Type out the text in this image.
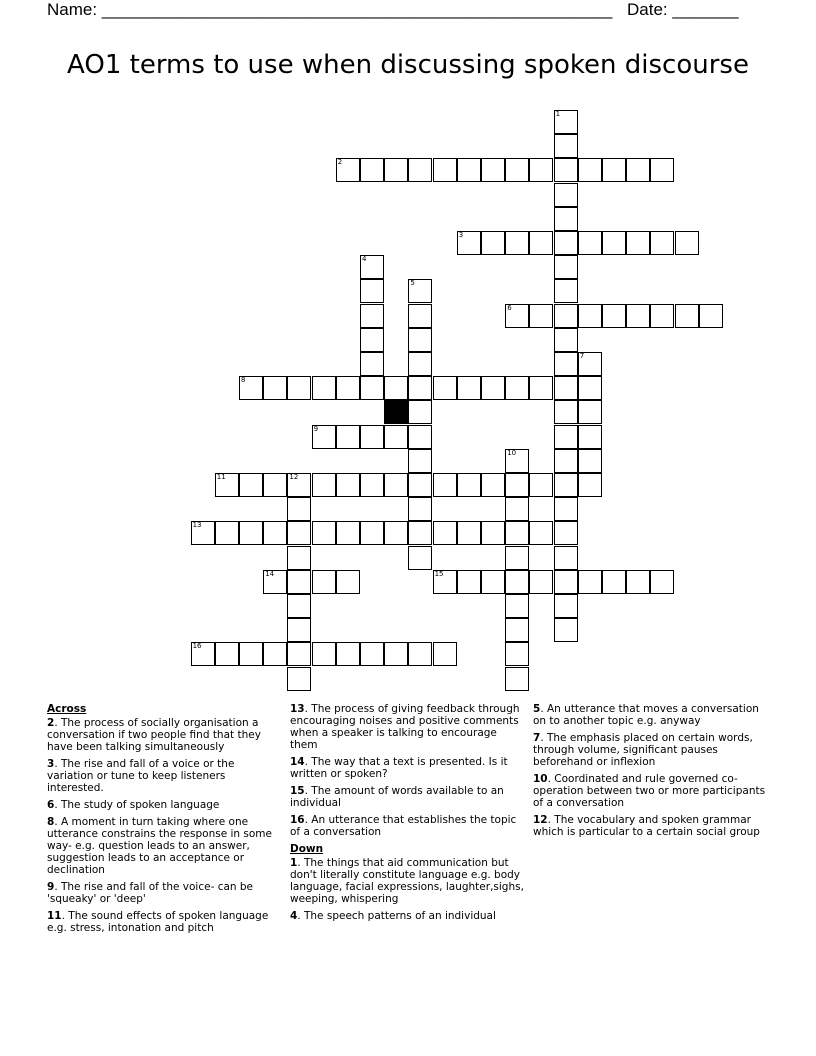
Name: ______________________________________________________ Date: _______
AO1 terms to use when discussing spoken discourse
1
2
3
4
5
6
7
8
9
10
11	12
13
14	15
16
Across
2. The process of socially organisation a conversation if two people find that they have been talking simultaneously
3. The rise and fall of a voice or the variation or tune to keep listeners interested.
6. The study of spoken language
8. A moment in turn taking where one utterance constrains the response in some way- e.g. question leads to an answer, suggestion leads to an acceptance or declination
9. The rise and fall of the voice- can be 'squeaky' or 'deep'
11. The sound effects of spoken language e.g. stress, intonation and pitch
13. The process of giving feedback through encouraging noises and positive comments when a speaker is talking to encourage them
14. The way that a text is presented. Is it written or spoken?
15. The amount of words available to an individual
16. An utterance that establishes the topic of a conversation
Down
1. The things that aid communication but don't literally constitute language e.g. body language, facial expressions, laughter,sighs, weeping, whispering
4. The speech patterns of an individual
5. An utterance that moves a conversation on to another topic e.g. anyway
7. The emphasis placed on certain words, through volume, significant pauses beforehand or inflexion
10. Coordinated and rule governed co-operation between two or more participants of a conversation
12. The vocabulary and spoken grammar which is particular to a certain social group
